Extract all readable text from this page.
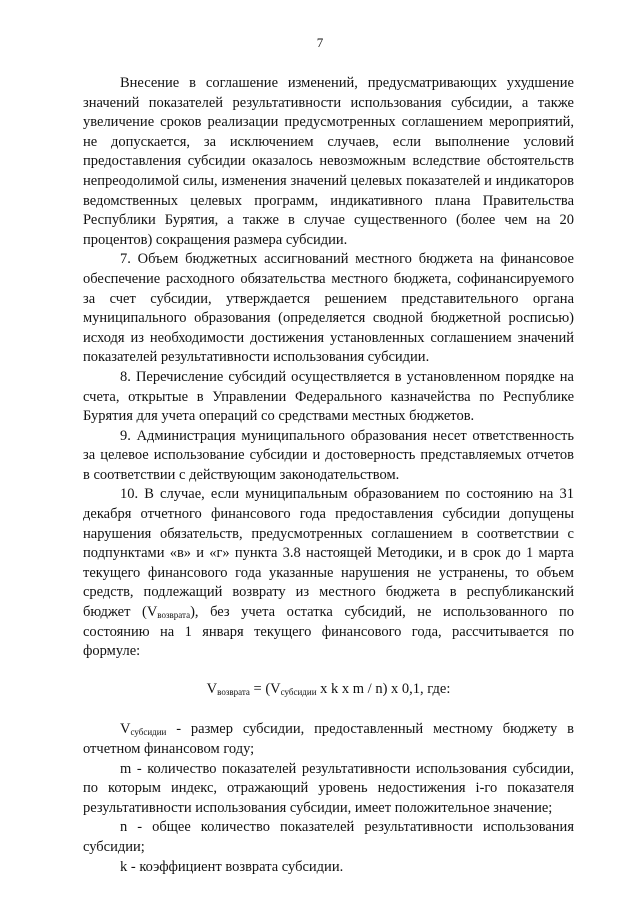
7

Внесение в соглашение изменений, предусматривающих ухудшение значений показателей результативности использования субсидии, а также увеличение сроков реализации предусмотренных соглашением мероприятий, не допускается, за исключением случаев, если выполнение условий предоставления субсидии оказалось невозможным вследствие обстоятельств непреодолимой силы, изменения значений целевых показателей и индикаторов ведомственных целевых программ, индикативного плана Правительства Республики Бурятия, а также в случае существенного (более чем на 20 процентов) сокращения размера субсидии.

7. Объем бюджетных ассигнований местного бюджета на финансовое обеспечение расходного обязательства местного бюджета, софинансируемого за счет субсидии, утверждается решением представительного органа муниципального образования (определяется сводной бюджетной росписью) исходя из необходимости достижения установленных соглашением значений показателей результативности использования субсидии.

8. Перечисление субсидий осуществляется в установленном порядке на счета, открытые в Управлении Федерального казначейства по Республике Бурятия для учета операций со средствами местных бюджетов.

9. Администрация муниципального образования несет ответственность за целевое использование субсидии и достоверность представляемых отчетов в соответствии с действующим законодательством.

10. В случае, если муниципальным образованием по состоянию на 31 декабря отчетного финансового года предоставления субсидии допущены нарушения обязательств, предусмотренных соглашением в соответствии с подпунктами «в» и «г» пункта 3.8 настоящей Методики, и в срок до 1 марта текущего финансового года указанные нарушения не устранены, то объем средств, подлежащий возврату из местного бюджета в республиканский бюджет $(V_{возврата})$, без учета остатка субсидий, не использованного по состоянию на 1 января текущего финансового года, рассчитывается по формуле:

$V_{возврата} = (V_{субсидии}$ x k x m / n) x 0,1, где:

$V_{субсидии}$ - размер субсидии, предоставленный местному бюджету в отчетном финансовом году;

m - количество показателей результативности использования субсидии, по которым индекс, отражающий уровень недостижения i-го показателя результативности использования субсидии, имеет положительное значение;

n - общее количество показателей результативности использования субсидии;

k - коэффициент возврата субсидии.
